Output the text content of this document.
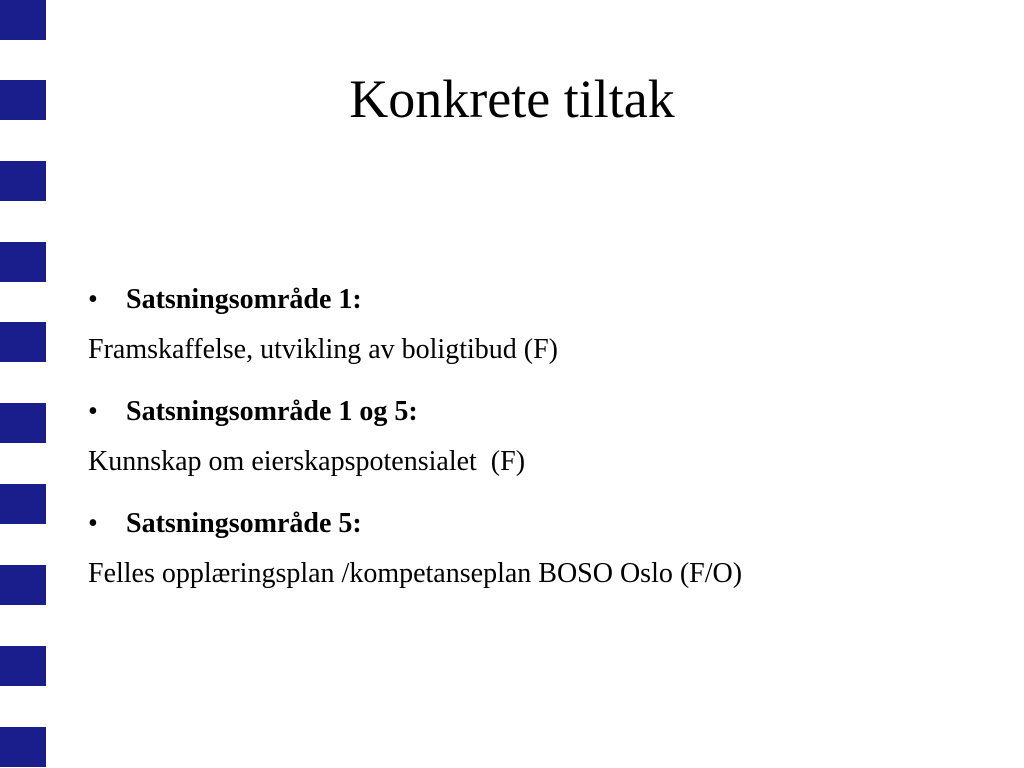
Konkrete tiltak
•	Satsningsområde 1:
Framskaffelse, utvikling av boligtibud (F)
•	Satsningsområde 1 og 5:
Kunnskap om eierskapspotensialet  (F)
•	Satsningsområde 5:
Felles opplæringsplan /kompetanseplan BOSO Oslo (F/O)
